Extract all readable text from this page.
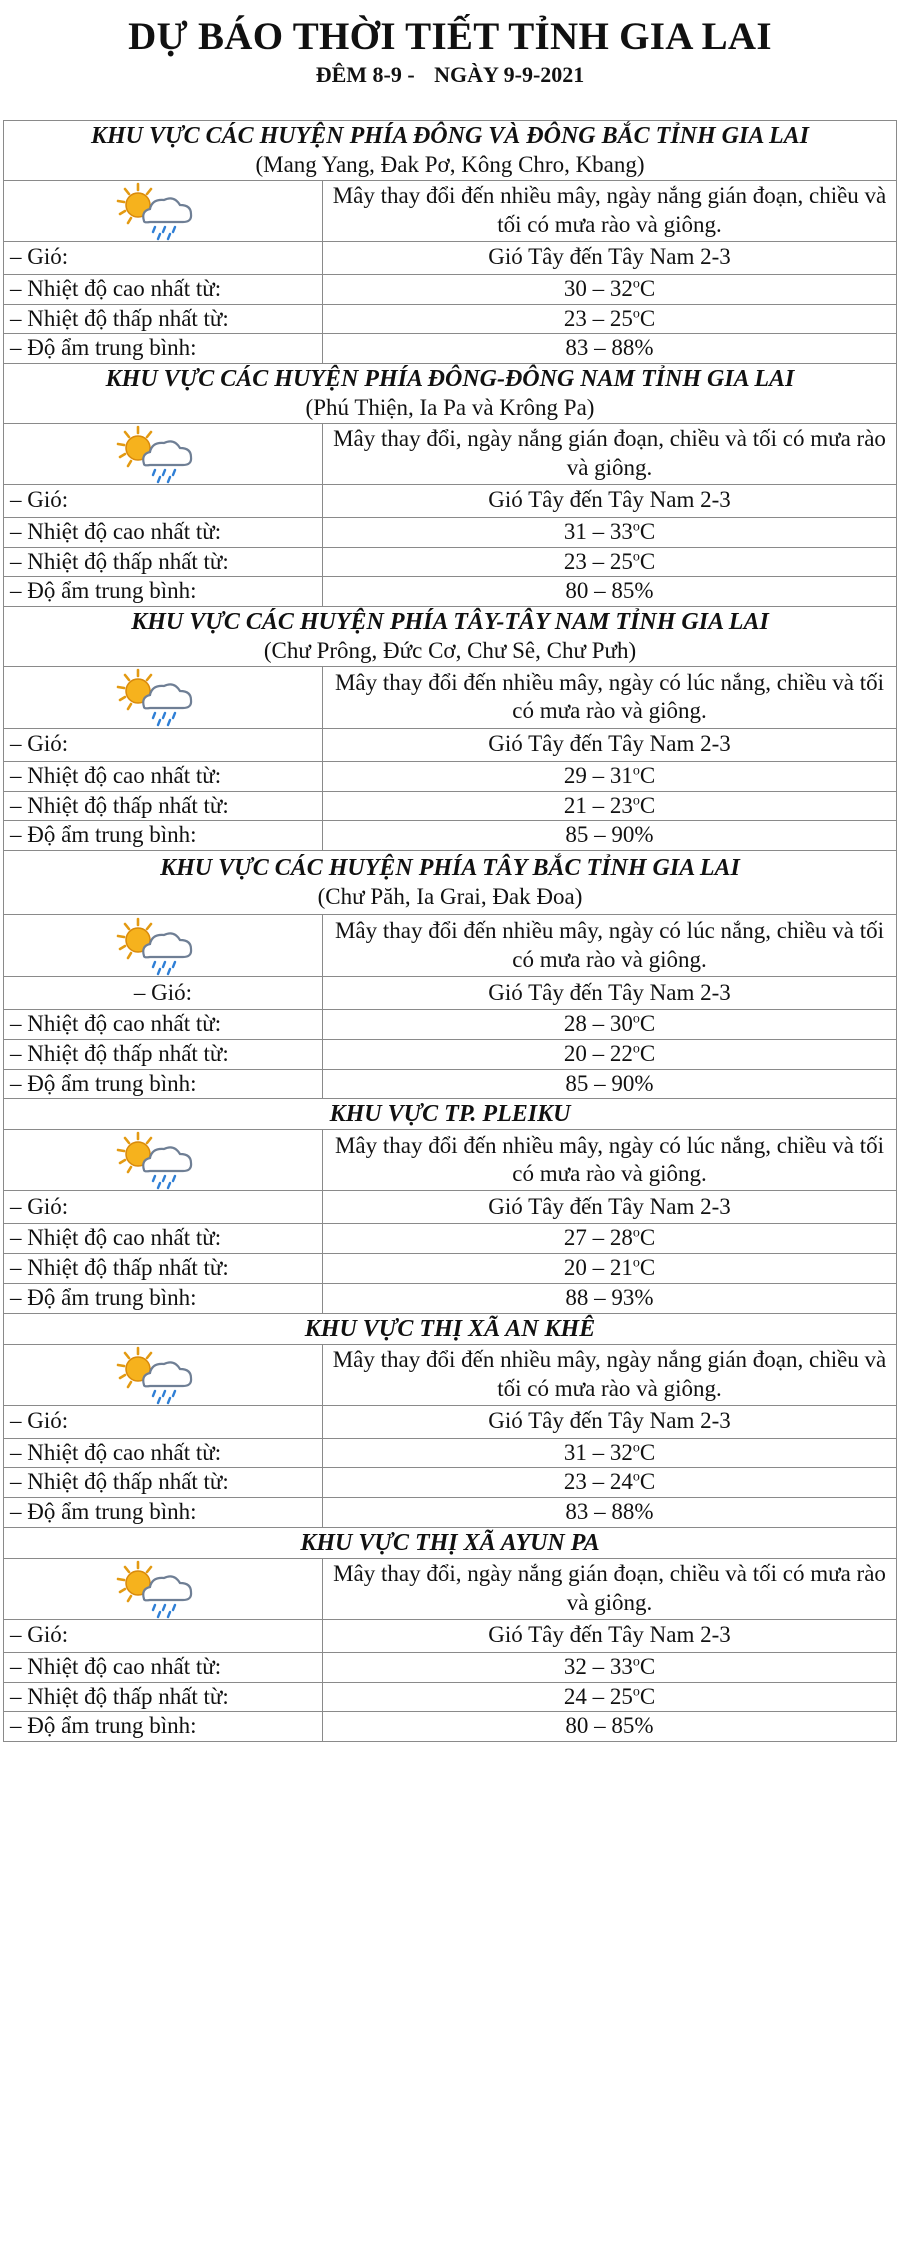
DỰ BÁO THỜI TIẾT TỈNH GIA LAI
ĐÊM 8-9 - NGÀY 9-9-2021
KHU VỰC CÁC HUYỆN PHÍA ĐÔNG VÀ ĐÔNG BẮC TỈNH GIA LAI
(Mang Yang, Đak Pơ, Kông Chro, Kbang)	

	Mây thay đổi đến nhiều mây, ngày nắng gián đoạn, chiều và tối có mưa rào và giông.
– Gió:	Gió Tây đến Tây Nam 2-3
– Nhiệt độ cao nhất từ:	30 – 32$^o$C
– Nhiệt độ thấp nhất từ:	23 – 25$^o$C
– Độ ẩm trung bình:	83 – 88%

KHU VỰC CÁC HUYỆN PHÍA ĐÔNG-ĐÔNG NAM TỈNH GIA LAI
(Phú Thiện, Ia Pa và Krông Pa)	

	Mây thay đổi, ngày nắng gián đoạn, chiều và tối có mưa rào và giông.
– Gió:	Gió Tây đến Tây Nam 2-3
– Nhiệt độ cao nhất từ:	31 – 33$^o$C
– Nhiệt độ thấp nhất từ:	23 – 25$^o$C
– Độ ẩm trung bình:	80 – 85%

KHU VỰC CÁC HUYỆN PHÍA TÂY-TÂY NAM TỈNH GIA LAI
(Chư Prông, Đức Cơ, Chư Sê, Chư Pưh)	

	Mây thay đổi đến nhiều mây, ngày có lúc nắng, chiều và tối có mưa rào và giông.
– Gió:	Gió Tây đến Tây Nam 2-3
– Nhiệt độ cao nhất từ:	29 – 31$^o$C
– Nhiệt độ thấp nhất từ:	21 – 23$^o$C
– Độ ẩm trung bình:	85 – 90%

KHU VỰC CÁC HUYỆN PHÍA TÂY BẮC TỈNH GIA LAI
(Chư Păh, Ia Grai, Đak Đoa)	

	Mây thay đổi đến nhiều mây, ngày có lúc nắng, chiều và tối có mưa rào và giông.
– Gió:	Gió Tây đến Tây Nam 2-3
– Nhiệt độ cao nhất từ:	28 – 30$^o$C
– Nhiệt độ thấp nhất từ:	20 – 22$^o$C
– Độ ẩm trung bình:	85 – 90%

KHU VỰC TP. PLEIKU	

	Mây thay đổi đến nhiều mây, ngày có lúc nắng, chiều và tối có mưa rào và giông.
– Gió:	Gió Tây đến Tây Nam 2-3
– Nhiệt độ cao nhất từ:	27 – 28$^o$C
– Nhiệt độ thấp nhất từ:	20 – 21$^o$C
– Độ ẩm trung bình:	88 – 93%

KHU VỰC THỊ XÃ AN KHÊ	

	Mây thay đổi đến nhiều mây, ngày nắng gián đoạn, chiều và tối có mưa rào và giông.
– Gió:	Gió Tây đến Tây Nam 2-3
– Nhiệt độ cao nhất từ:	31 – 32$^o$C
– Nhiệt độ thấp nhất từ:	23 – 24$^o$C
– Độ ẩm trung bình:	83 – 88%

KHU VỰC THỊ XÃ AYUN PA	

	Mây thay đổi, ngày nắng gián đoạn, chiều và tối có mưa rào và giông.
– Gió:	Gió Tây đến Tây Nam 2-3
– Nhiệt độ cao nhất từ:	32 – 33$^o$C
– Nhiệt độ thấp nhất từ:	24 – 25$^o$C
– Độ ẩm trung bình:	80 – 85%
